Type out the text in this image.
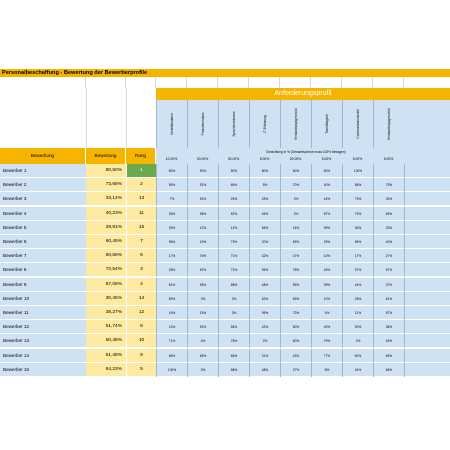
Personalbeschaffung - Bewertung der Bewerberprofile
Anforderungsprofil
Mobilitätsdaten	Produktkenntnis	Sprachkenntnisse	IT-Erfahrung	Verhandlungsgeschick	Teamfähigkeit	Kommunikationsskill	Verhandlungsgeschick
Bewerbung	Bewertung	Rang
Gewichtung in % (Gesamtsumme muss 100% betragen)
10,00%	30,00%	30,00%	5,00%	20,00%	5,00%	5,00%	5,00%
Bewerber 1	80,50%	1	80%	90%	80%	80%	60%	60%	100%
Bewerber 2	73,68%	2	95%	92%	66%	5%	70%	40%	88%	75%
Bewerber 3	33,12%	13	7%	52%	25%	49%	2%	44%	73%	39%
Bewerber 4	40,23%	11	26%	95%	82%	45%	2%	87%	73%	65%
Bewerber 5	29,81%	15	39%	12%	12%	65%	16%	99%	36%	33%
Bewerber 6	60,45%	7	95%	19%	79%	20%	69%	29%	65%	40%
Bewerber 7	60,56%	6	17%	76%	71%	32%	47%	10%	17%	27%
Bewerber 8	72,54%	3	28%	52%	72%	95%	78%	43%	97%	97%
Bewerber 9	67,08%	4	81%	95%	88%	48%	59%	99%	44%	37%
Bewerber 10	30,45%	14	59%	3%	2%	62%	69%	10%	28%	61%
Bewerber 11	38,27%	12	16%	15%	3%	99%	73%	4%	11%	57%
Bewerber 12	51,74%	8	13%	52%	86%	42%	60%	40%	90%	36%
Bewerber 13	50,48%	10	71%	4%	78%	2%	60%	79%	2%	45%
Bewerber 14	51,48%	9	85%	65%	66%	31%	43%	77%	60%	65%
Bewerber 15	64,23%	5	100%	3%	88%	48%	27%	8%	44%	66%
